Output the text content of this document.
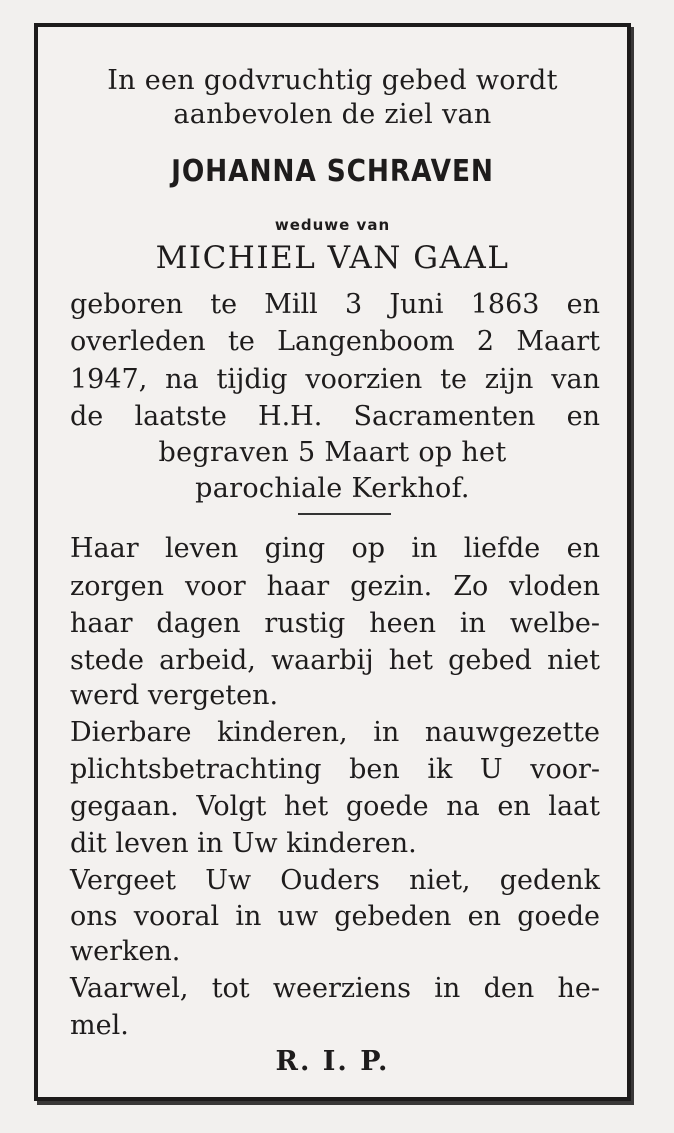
In een godvruchtig gebed wordt
aanbevolen de ziel van
JOHANNA SCHRAVEN
weduwe van
MICHIEL VAN GAAL
geboren te Mill 3 Juni 1863 en
overleden te Langenboom 2 Maart
1947, na tijdig voorzien te zijn van
de laatste H.H. Sacramenten en
begraven 5 Maart op het
parochiale Kerkhof.
Haar leven ging op in liefde en
zorgen voor haar gezin. Zo vloden
haar dagen rustig heen in welbe-
stede arbeid, waarbij het gebed niet
werd vergeten.
Dierbare kinderen, in nauwgezette
plichtsbetrachting ben ik U voor-
gegaan. Volgt het goede na en laat
dit leven in Uw kinderen.
Vergeet Uw Ouders niet, gedenk
ons vooral in uw gebeden en goede
werken.
Vaarwel, tot weerziens in den he-
mel.
R. I. P.
